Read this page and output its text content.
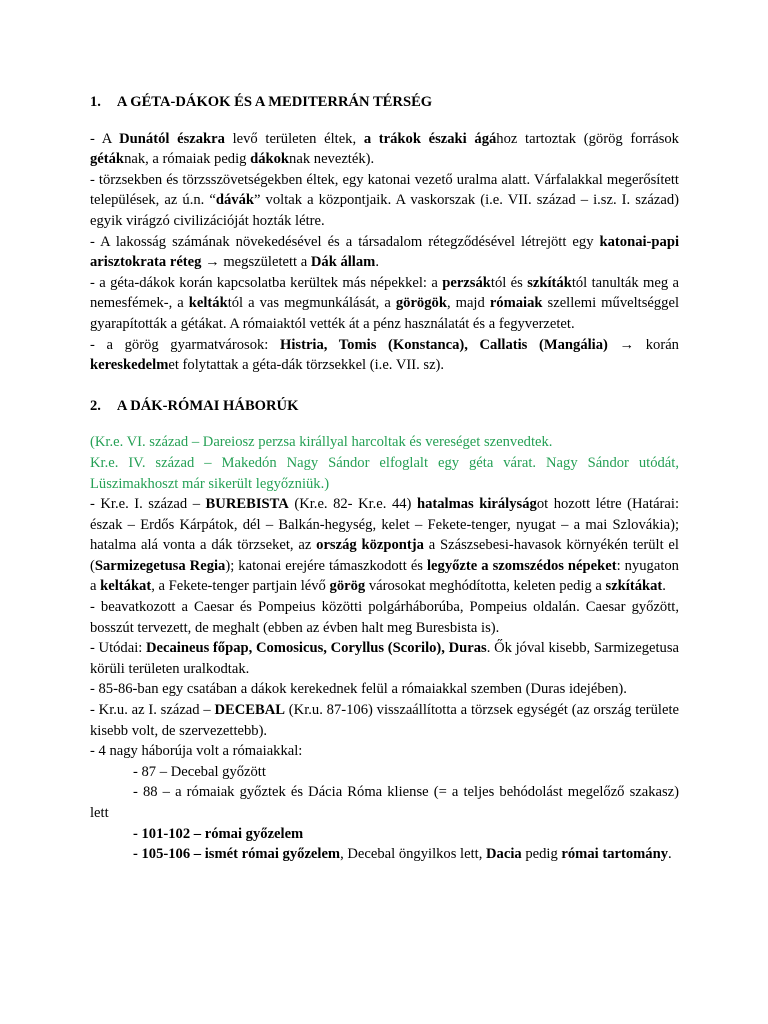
1. A GÉTA-DÁKOK ÉS A MEDITERRÁN TÉRSÉG

- A Dunától északra levő területen éltek, a trákok északi ágához tartoztak (görög források gétáknak, a rómaiak pedig dákoknak nevezték).

- törzsekben és törzsszövetségekben éltek, egy katonai vezető uralma alatt. Várfalakkal megerősített települések, az ú.n. “dávák” voltak a központjaik. A vaskorszak (i.e. VII. század – i.sz. I. század) egyik virágzó civilizációját hozták létre.

- A lakosság számának növekedésével és a társadalom rétegződésével létrejött egy katonai-papi arisztokrata réteg → megszületett a Dák állam.

- a géta-dákok korán kapcsolatba kerültek más népekkel: a perzsáktól és szkítáktól tanulták meg a nemesfémek-, a keltáktól a vas megmunkálását, a görögök, majd rómaiak szellemi műveltséggel gyarapították a gétákat. A rómaiaktól vették át a pénz használatát és a fegyverzetet.

- a görög gyarmatvárosok: Histria, Tomis (Konstanca), Callatis (Mangália) → korán kereskedelmet folytattak a géta-dák törzsekkel (i.e. VII. sz).

2. A DÁK-RÓMAI HÁBORÚK

(Kr.e. VI. század – Dareiosz perzsa királlyal harcoltak és vereséget szenvedtek.

Kr.e. IV. század – Makedón Nagy Sándor elfoglalt egy géta várat. Nagy Sándor utódát, Lüszimakhoszt már sikerült legyőzniük.)

- Kr.e. I. század – BUREBISTA (Kr.e. 82- Kr.e. 44) hatalmas királyságot hozott létre (Határai: észak – Erdős Kárpátok, dél – Balkán-hegység, kelet – Fekete-tenger, nyugat – a mai Szlovákia); hatalma alá vonta a dák törzseket, az ország központja a Szászsebesi-havasok környékén terült el (Sarmizegetusa Regia); katonai erejére támaszkodott és legyőzte a szomszédos népeket: nyugaton a keltákat, a Fekete-tenger partjain lévő görög városokat meghódította, keleten pedig a szkítákat.

- beavatkozott a Caesar és Pompeius közötti polgárháborúba, Pompeius oldalán. Caesar győzött, bosszút tervezett, de meghalt (ebben az évben halt meg Buresbista is).

- Utódai: Decaineus főpap, Comosicus, Coryllus (Scorilo), Duras. Ők jóval kisebb, Sarmizegetusa körüli területen uralkodtak.

- 85-86-ban egy csatában a dákok kerekednek felül a rómaiakkal szemben (Duras idejében).

- Kr.u. az I. század – DECEBAL (Kr.u. 87-106) visszaállította a törzsek egységét (az ország területe kisebb volt, de szervezettebb).

- 4 nagy háborúja volt a rómaiakkal:

- 87 – Decebal győzött

- 88 – a rómaiak győztek és Dácia Róma kliense (= a teljes behódolást megelőző szakasz) lett

- 101-102 – római győzelem

- 105-106 – ismét római győzelem, Decebal öngyilkos lett, Dacia pedig római tartomány.
